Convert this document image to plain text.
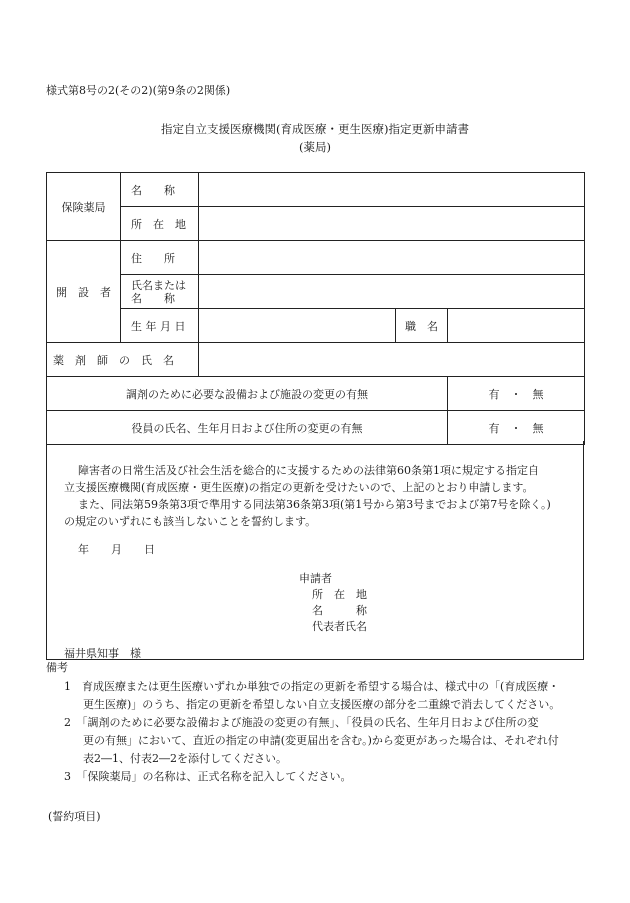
様式第8号の2(その2)(第9条の2関係)
指定自立支援医療機関(育成医療・更生医療)指定更新申請書
(薬局)
保険薬局	名　　称			
	所　在　地			
開　設　者	住　　所			

	氏名または
名　　称			

	生 年 月 日		職　名	
薬　剤　師　の　氏　名				
調剤のために必要な設備および施設の変更の有無				有　・　無
役員の氏名、生年月日および住所の変更の有無				有　・　無
障害者の日常生活及び社会生活を総合的に支援するための法律第60条第1項に規定する指定自
立支援医療機関(育成医療・更生医療)の指定の更新を受けたいので、上記のとおり申請します。
また、同法第59条第3項で準用する同法第36条第3項(第1号から第3号までおよび第7号を除く。)
の規定のいずれにも該当しないことを誓約します。
年　　月　　日
申請者
所　在　地
名　　　称
代表者氏名
福井県知事　様
備考
1　育成医療または更生医療いずれか単独での指定の更新を希望する場合は、様式中の「(育成医療・
更生医療)」のうち、指定の更新を希望しない自立支援医療の部分を二重線で消去してください。
2　「調剤のために必要な設備および施設の変更の有無」、「役員の氏名、生年月日および住所の変
更の有無」において、直近の指定の申請(変更届出を含む。)から変更があった場合は、それぞれ付
表2―1、付表2―2を添付してください。
3　「保険薬局」の名称は、正式名称を記入してください。
(誓約項目)
